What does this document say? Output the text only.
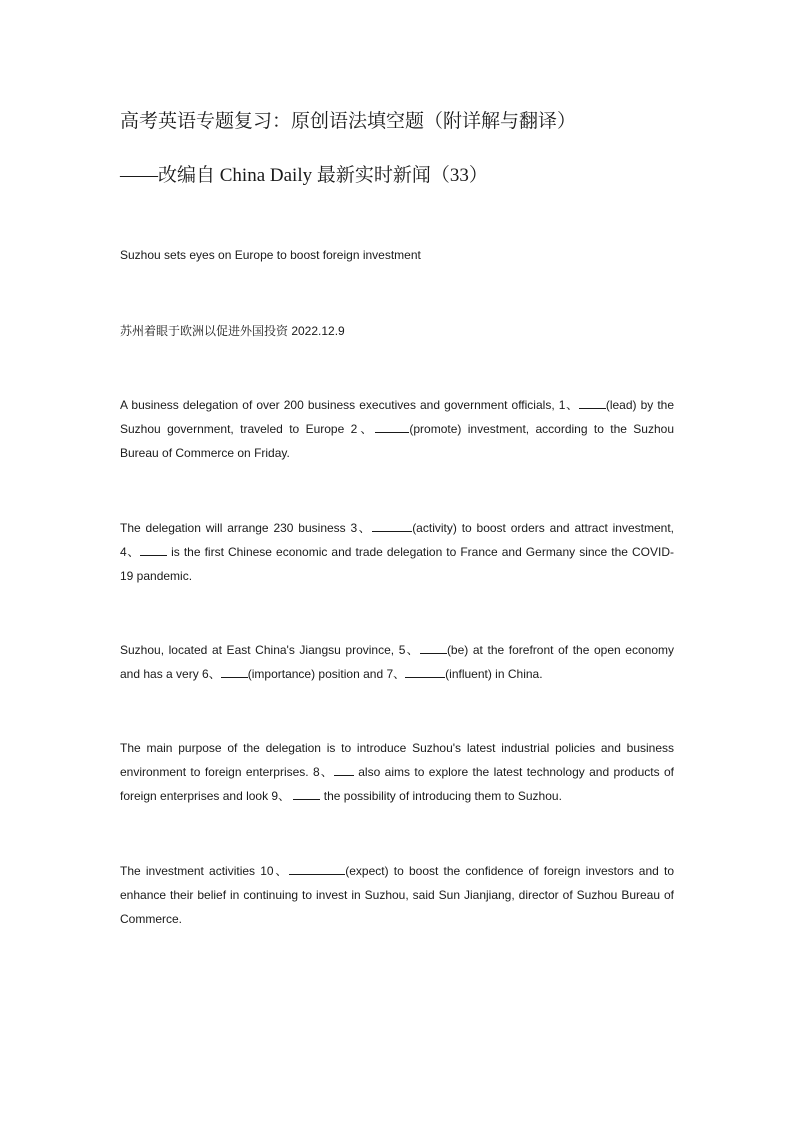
高考英语专题复习：原创语法填空题（附详解与翻译）
——改编自 China Daily 最新实时新闻（33）
Suzhou sets eyes on Europe to boost foreign investment
苏州着眼于欧洲以促进外国投资 2022.12.9

A business delegation of over 200 business executives and government officials, 1、 (lead) by the Suzhou government, traveled to Europe 2、	(promote) investment, according to the Suzhou Bureau of Commerce on Friday.

The delegation will arrange 230 business 3、	(activity) to boost orders and attract investment, 4、 is the first Chinese economic and trade delegation to France and Germany since the COVID-19 pandemic.

Suzhou, located at East China's Jiangsu province, 5、 (be) at the forefront of the open economy and has a very 6、 (importance) position and 7、	(influent) in China.

The main purpose of the delegation is to introduce Suzhou's latest industrial policies and business environment to foreign enterprises. 8、 also aims to explore the latest technology and products of foreign enterprises and look 9、  the possibility of introducing them to Suzhou.

The investment activities 10、	(expect) to boost the confidence of foreign investors and to enhance their belief in continuing to invest in Suzhou, said Sun Jianjiang, director of Suzhou Bureau of Commerce.
